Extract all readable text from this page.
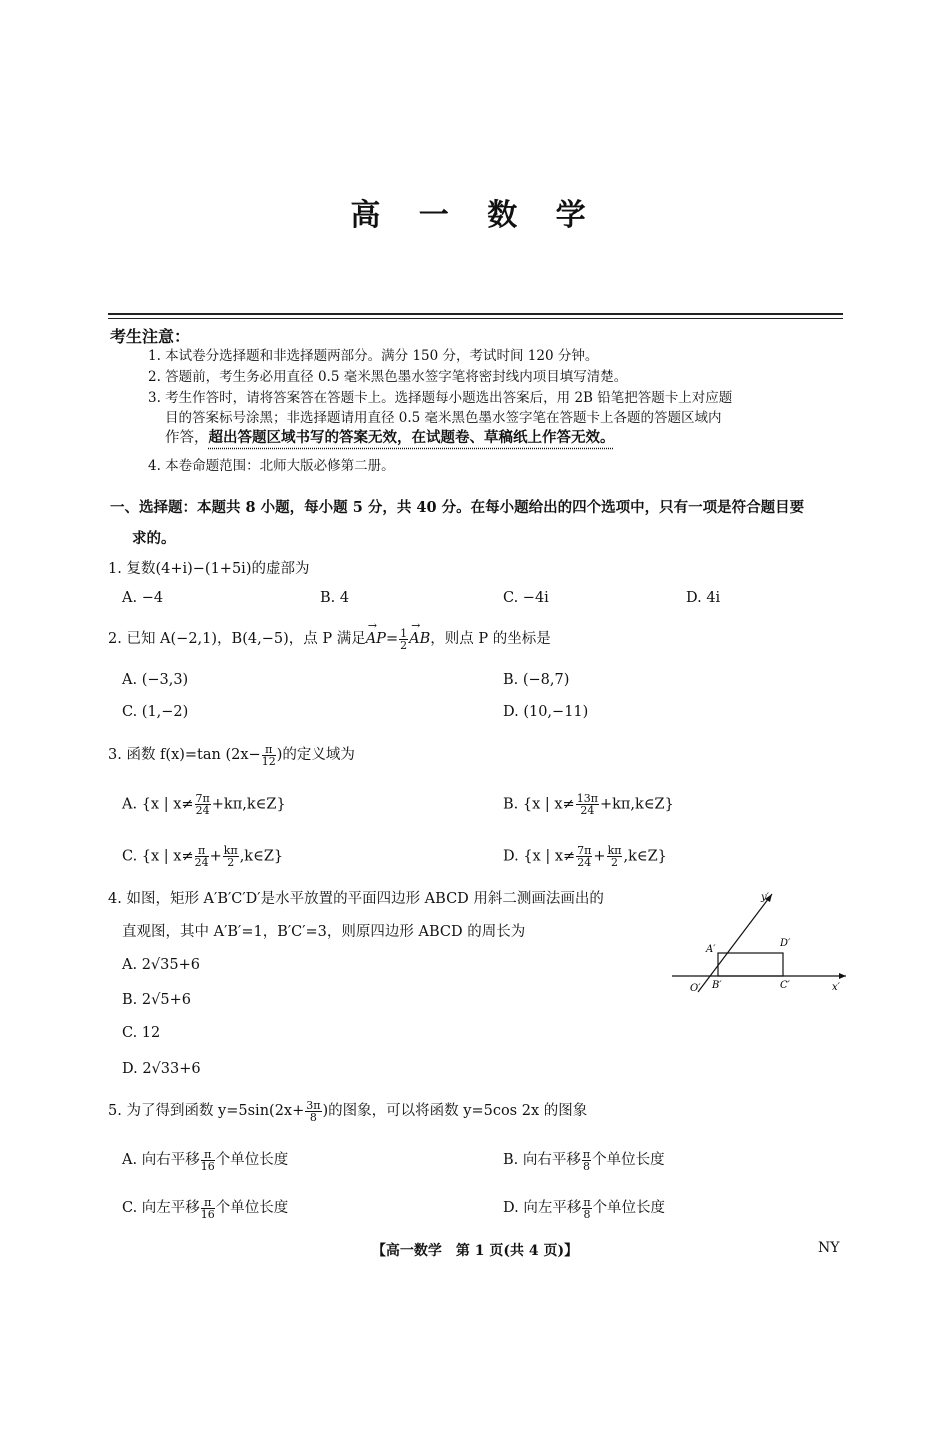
高 一 数 学
考生注意：
1. 本试卷分选择题和非选择题两部分。满分 150 分，考试时间 120 分钟。
2. 答题前，考生务必用直径 0.5 毫米黑色墨水签字笔将密封线内项目填写清楚。
3. 考生作答时，请将答案答在答题卡上。选择题每小题选出答案后，用 2B 铅笔把答题卡上对应题
目的答案标号涂黑；非选择题请用直径 0.5 毫米黑色墨水签字笔在答题卡上各题的答题区域内
作答，超出答题区域书写的答案无效，在试题卷、草稿纸上作答无效。
4. 本卷命题范围：北师大版必修第二册。
一、选择题：本题共 8 小题，每小题 5 分，共 40 分。在每小题给出的四个选项中，只有一项是符合题目要
求的。
1. 复数(4+i)−(1+5i)的虚部为
A. −4	B. 4	C. −4i	D. 4i
2. 已知 A(−2,1)，B(4,−5)，点 P 满足→ $AP= \frac{1}{2}$
→ AB，则点 P 的坐标是
A. (−3,3)	B. (−8,7)
C. (1,−2)	D. (10,−11)
3. 函数 f(x)=tan ($2x- \frac{\pi}{12}$ )的定义域为
A. {x | $x\ne \frac{7\pi}{24}$ +kπ,k∈Z}	B. {x | $x\ne \frac{13\pi}{24}$ +kπ,k∈Z}
C. {x | $x\ne \frac{\pi}{24} + \frac{k\pi}{2}$ ,k∈Z}	D. {x | $x\ne \frac{7\pi}{24} + \frac{k\pi}{2}$ ,k∈Z}
4. 如图，矩形 A′B′C′D′是水平放置的平面四边形 ABCD 用斜二测画法画出的
直观图，其中 A′B′=1，B′C′=3，则原四边形 ABCD 的周长为
A. 2√35+6
B. 2√5+6
C. 12
D. 2√33+6
y′
x′
A′
D′
O′ B′	C′
5. 为了得到函数 $y=5\sin(2x+ \frac{3\pi}{8}$ )的图象，可以将函数 y=5cos 2x 的图象
A. 向右平移 $\frac{\pi}{16}$ 个单位长度	B. 向右平移 $\frac{\pi}{8}$ 个单位长度
C. 向左平移 $\frac{\pi}{16}$ 个单位长度	D. 向左平移 $\frac{\pi}{8}$ 个单位长度
【高一数学　第 1 页(共 4 页)】	NY
